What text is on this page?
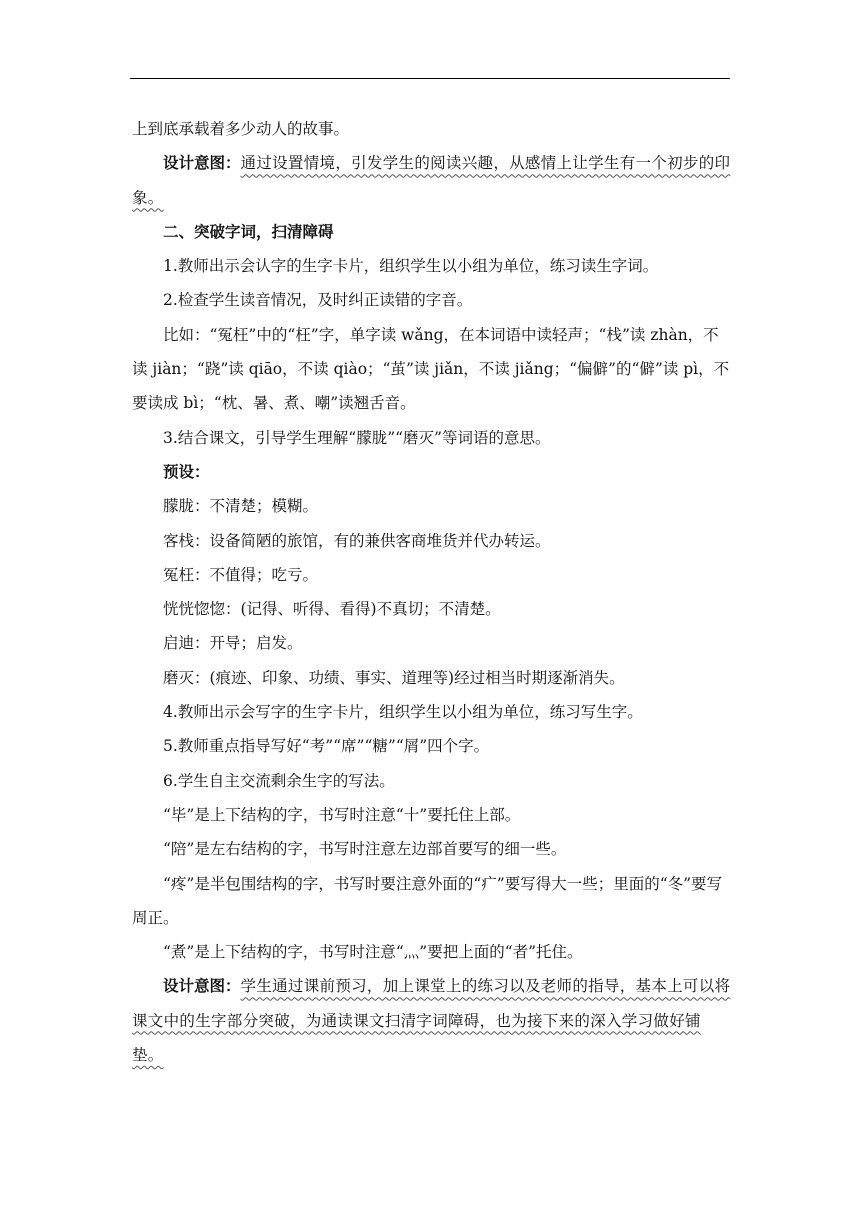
上到底承载着多少动人的故事。

设计意图：通过设置情境，引发学生的阅读兴趣，从感情上让学生有一个初步的印象。

二、突破字词，扫清障碍

1.教师出示会认字的生字卡片，组织学生以小组为单位，练习读生字词。

2.检查学生读音情况，及时纠正读错的字音。

比如：“冤枉”中的“枉”字，单字读 wǎng，在本词语中读轻声；“栈”读 zhàn，不读 jiàn；“跷”读 qiāo，不读 qiào；“茧”读 jiǎn，不读 jiǎng；“偏僻”的“僻”读 pì，不要读成 bì；“枕、暑、煮、嘲”读翘舌音。

3.结合课文，引导学生理解“朦胧”“磨灭”等词语的意思。

预设：

朦胧：不清楚；模糊。

客栈：设备简陋的旅馆，有的兼供客商堆货并代办转运。

冤枉：不值得；吃亏。

恍恍惚惚：(记得、听得、看得)不真切；不清楚。

启迪：开导；启发。

磨灭：(痕迹、印象、功绩、事实、道理等)经过相当时期逐渐消失。

4.教师出示会写字的生字卡片，组织学生以小组为单位，练习写生字。

5.教师重点指导写好“考”“席”“糖”“屑”四个字。

6.学生自主交流剩余生字的写法。

“毕”是上下结构的字，书写时注意“十”要托住上部。

“陪”是左右结构的字，书写时注意左边部首要写的细一些。

“疼”是半包围结构的字，书写时要注意外面的“疒”要写得大一些；里面的“冬”要写周正。

“煮”是上下结构的字，书写时注意“灬”要把上面的“者”托住。

设计意图：学生通过课前预习，加上课堂上的练习以及老师的指导，基本上可以将课文中的生字部分突破，为通读课文扫清字词障碍，也为接下来的深入学习做好铺垫。
